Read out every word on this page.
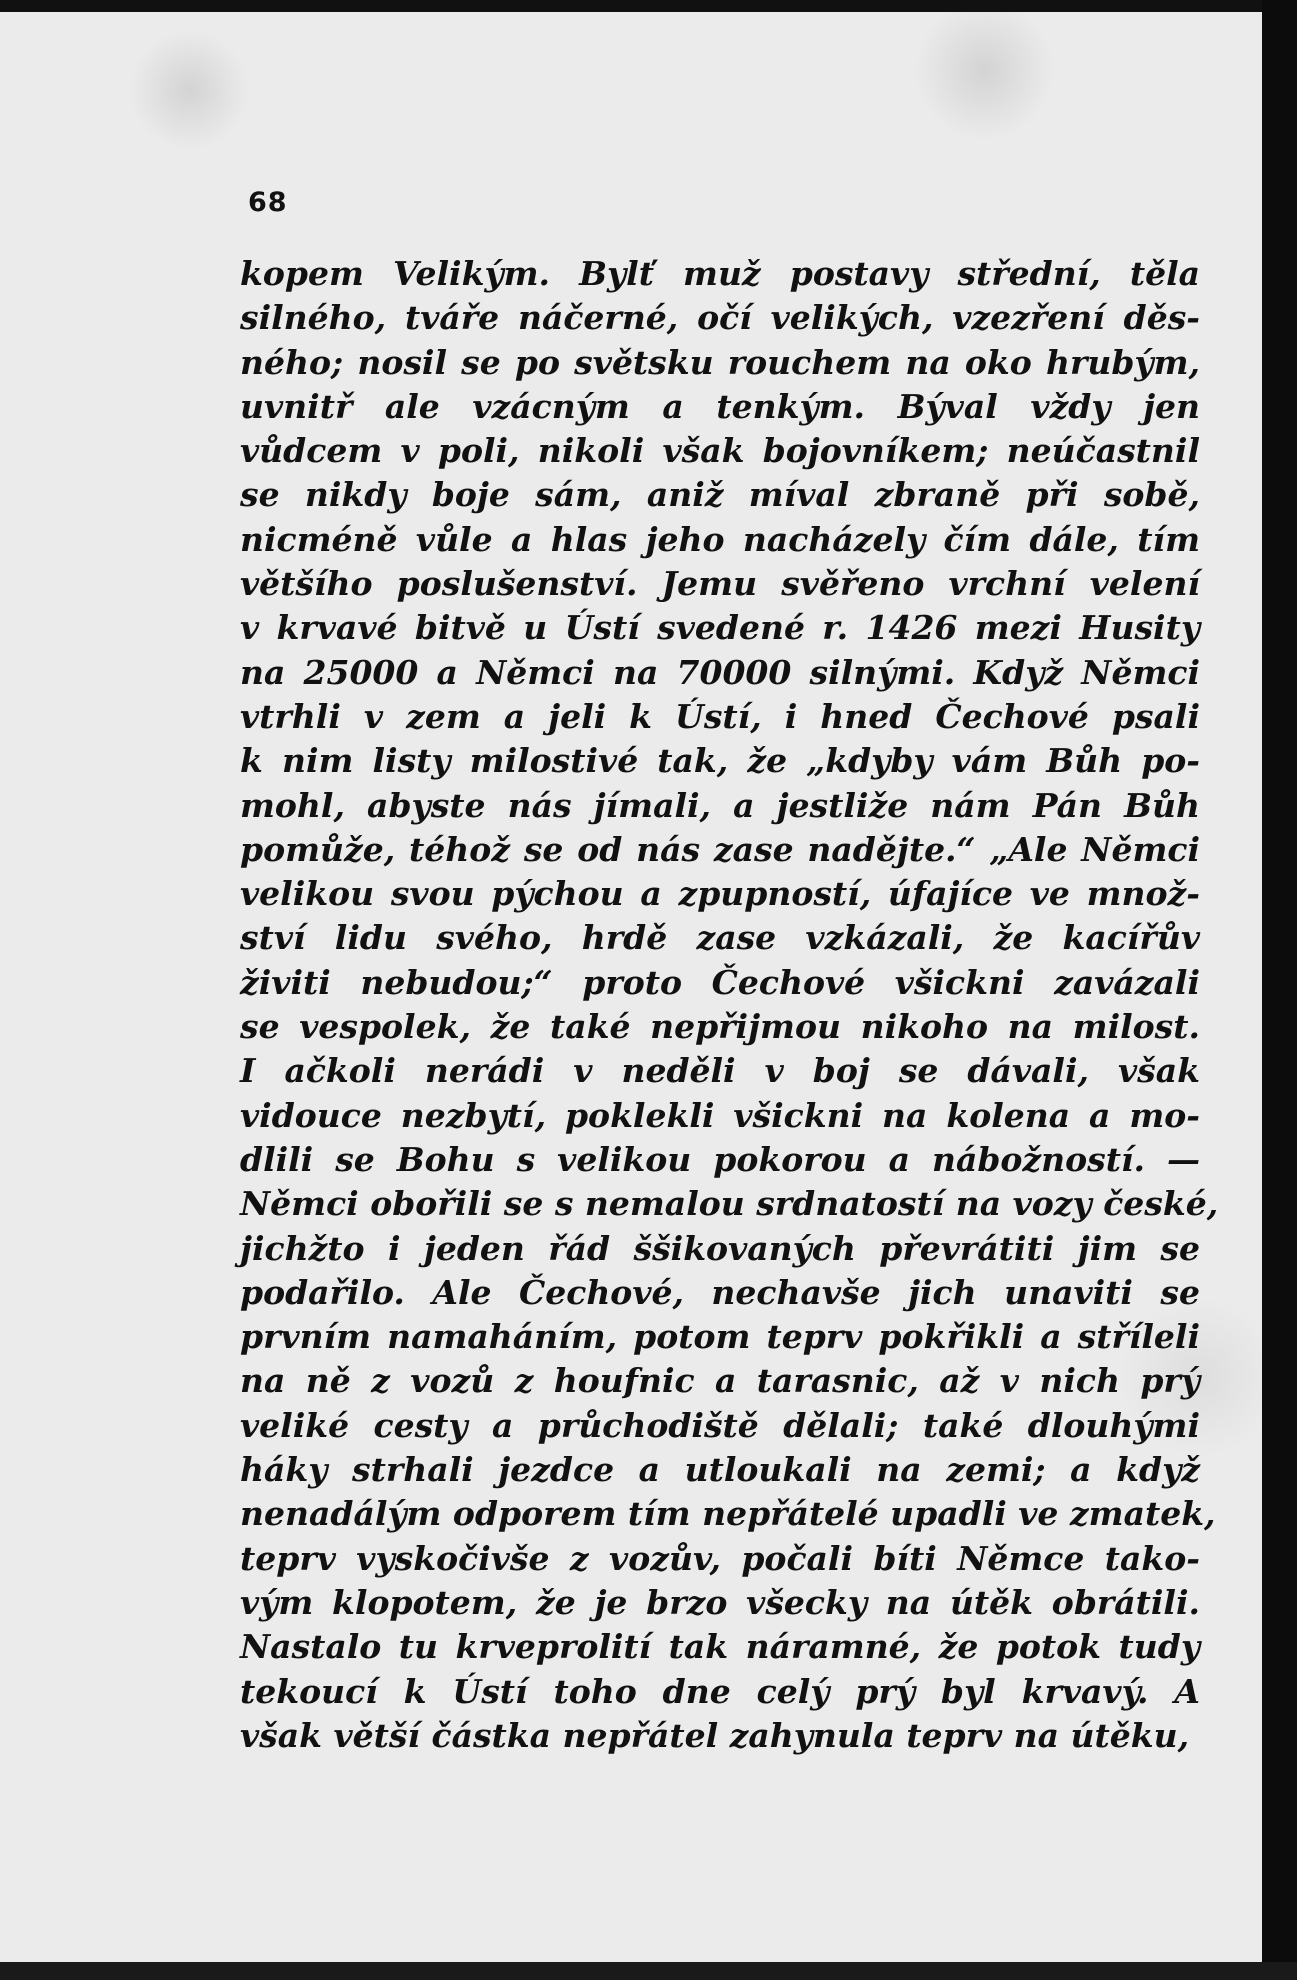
68
kopem Velikým. Bylť muž postavy střední, těla
silného, tváře náčerné, očí velikých, vzezření děs-
ného; nosil se po světsku rouchem na oko hrubým,
uvnitř ale vzácným a tenkým. Býval vždy jen
vůdcem v poli, nikoli však bojovníkem; neúčastnil
se nikdy boje sám, aniž míval zbraně při sobě,
nicméně vůle a hlas jeho nacházely čím dále, tím
většího poslušenství. Jemu svěřeno vrchní velení
v krvavé bitvě u Ústí svedené r. 1426 mezi Husity
na 25000 a Němci na 70000 silnými. Když Němci
vtrhli v zem a jeli k Ústí, i hned Čechové psali
k nim listy milostivé tak, že „kdyby vám Bůh po-
mohl, abyste nás jímali, a jestliže nám Pán Bůh
pomůže, téhož se od nás zase nadějte.“ „Ale Němci
velikou svou pýchou a zpupností, úfajíce ve množ-
ství lidu svého, hrdě zase vzkázali, že kacířův
živiti nebudou;“ proto Čechové všickni zavázali
se vespolek, že také nepřijmou nikoho na milost.
I ačkoli nerádi v neděli v boj se dávali, však
vidouce nezbytí, poklekli všickni na kolena a mo-
dlili se Bohu s velikou pokorou a nábožností. —
Němci obořili se s nemalou srdnatostí na vozy české,
jichžto i jeden řád ššikovaných převrátiti jim se
podařilo. Ale Čechové, nechavše jich unaviti se
prvním namaháním, potom teprv pokřikli a stříleli
na ně z vozů z houfnic a tarasnic, až v nich prý
veliké cesty a průchodiště dělali; také dlouhými
háky strhali jezdce a utloukali na zemi; a když
nenadálým odporem tím nepřátelé upadli ve zmatek,
teprv vyskočivše z vozův, počali bíti Němce tako-
vým klopotem, že je brzo všecky na útěk obrátili.
Nastalo tu krveprolití tak náramné, že potok tudy
tekoucí k Ústí toho dne celý prý byl krvavý. A
však větší částka nepřátel zahynula teprv na útěku,
